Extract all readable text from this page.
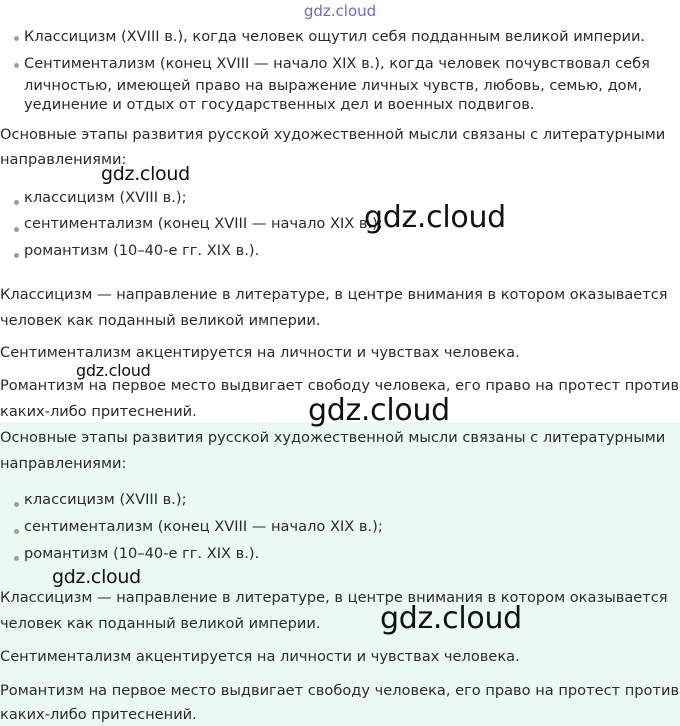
gdz.cloud
Классицизм (XVIII в.), когда человек ощутил себя подданным великой империи.
Сентиментализм (конец XVIII — начало XIX в.), когда человек почувствовал себя
личностью, имеющей право на выражение личных чувств, любовь, семью, дом,
уединение и отдых от государственных дел и военных подвигов.
Основные этапы развития русской художественной мысли связаны с литературными
направлениями:
gdz.cloud
классицизм (XVIII в.);
сентиментализм (конец XVIII — начало XIX в.);
gdz.cloud
романтизм (10–40-е гг. XIX в.).
Классицизм — направление в литературе, в центре внимания в котором оказывается
человек как поданный великой империи.
Сентиментализм акцентируется на личности и чувствах человека.
gdz.cloud
Романтизм на первое место выдвигает свободу человека, его право на протест против
каких-либо притеснений.	gdz.cloud
Основные этапы развития русской художественной мысли связаны с литературными
направлениями:
классицизм (XVIII в.);
сентиментализм (конец XVIII — начало XIX в.);
романтизм (10–40-е гг. XIX в.).
gdz.cloud
Классицизм — направление в литературе, в центре внимания в котором оказывается
человек как поданный великой империи. gdz.cloud
Сентиментализм акцентируется на личности и чувствах человека.
Романтизм на первое место выдвигает свободу человека, его право на протест против
каких-либо притеснений.
